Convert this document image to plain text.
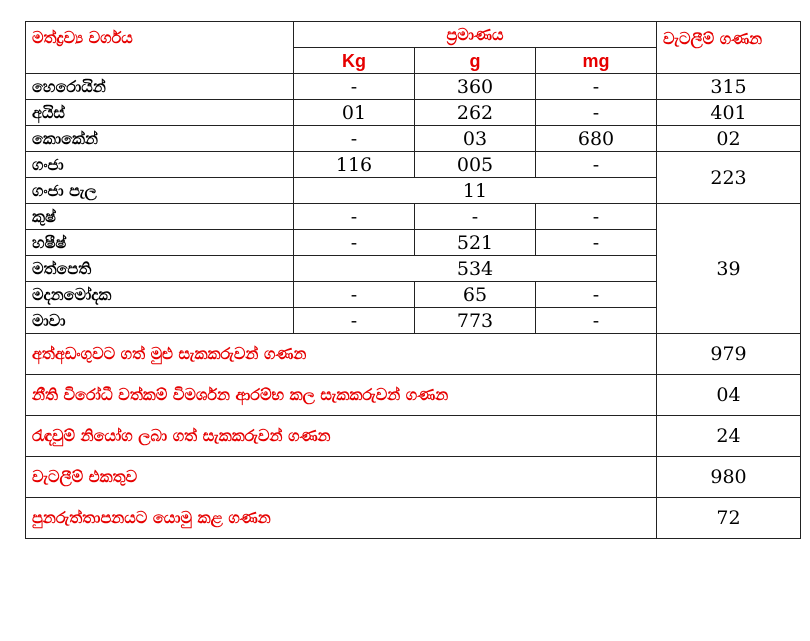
මත්ද්‍රව්‍ය වර්ගය	ප්‍රමාණය			වැටලීම් ගණන
	Kg	g	mg	
හෙරොයින්	-	360	-	315
අයිස්	01	262	-	401
කොකේන්	-	03	680	02
ගංජා	116	005	-	223
ගංජා පැල	11			
කුෂ්	-	-	-	39
හෂීෂ්	-	521	-	
මත්පෙති	534			
මදනමෝදක	-	65	-	
මාවා	-	773	-	
අත්අඩංගුවට ගත් මුළු සැකකරුවන් ගණන				979
නීති විරෝධී වත්කම් විමර්ශන ආරම්භ කල සැකකරුවන් ගණන				04
රැඳවුම් නියෝග ලබා ගත් සැකකරුවන් ගණන				24
වැටලීම් එකතුව				980
පුනරුත්තාපනයට යොමු කළ ගණන				72
